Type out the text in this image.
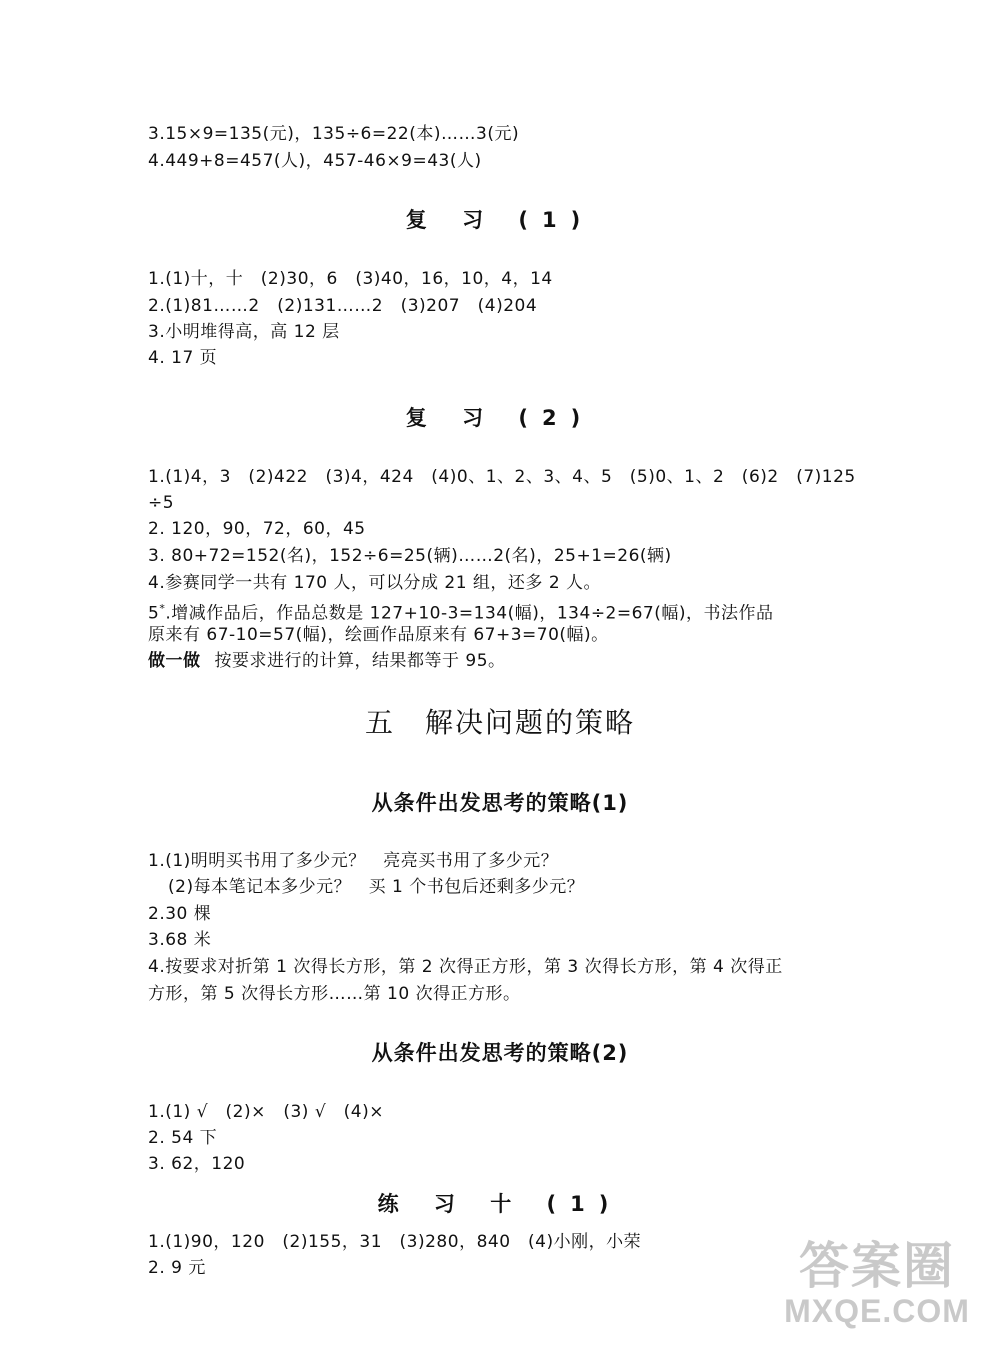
3.15×9=135(元)，135÷6=22(本)……3(元)
4.449+8=457(人)，457-46×9=43(人)
复 习 (1)
1.(1)十，十　(2)30，6　(3)40，16，10，4，14
2.(1)81……2　(2)131……2　(3)207　(4)204
3.小明堆得高，高 12 层
4. 17 页
复 习 (2)
1.(1)4，3　(2)422　(3)4，424　(4)0、1、2、3、4、5　(5)0、1、2　(6)2　(7)125
÷5
2. 120，90，72，60，45
3. 80+72=152(名)，152÷6=25(辆)……2(名)，25+1=26(辆)
4.参赛同学一共有 170 人，可以分成 21 组，还多 2 人。
5*.增减作品后，作品总数是 127+10-3=134(幅)，134÷2=67(幅)，书法作品
原来有 67-10=57(幅)，绘画作品原来有 67+3=70(幅)。
做一做 按要求进行的计算，结果都等于 95。
五　解决问题的策略
从条件出发思考的策略(1)
1.(1)明明买书用了多少元？　亮亮买书用了多少元？
(2)每本笔记本多少元？　买 1 个书包后还剩多少元？
2.30 棵
3.68 米
4.按要求对折第 1 次得长方形，第 2 次得正方形，第 3 次得长方形，第 4 次得正
方形，第 5 次得长方形……第 10 次得正方形。
从条件出发思考的策略(2)
1.(1) √　(2)×　(3) √　(4)×
2. 54 下
3. 62，120
练 习 十 (1)
1.(1)90，120　(2)155，31　(3)280，840　(4)小刚，小荣
2. 9 元	答案圈
MXQE.COM
